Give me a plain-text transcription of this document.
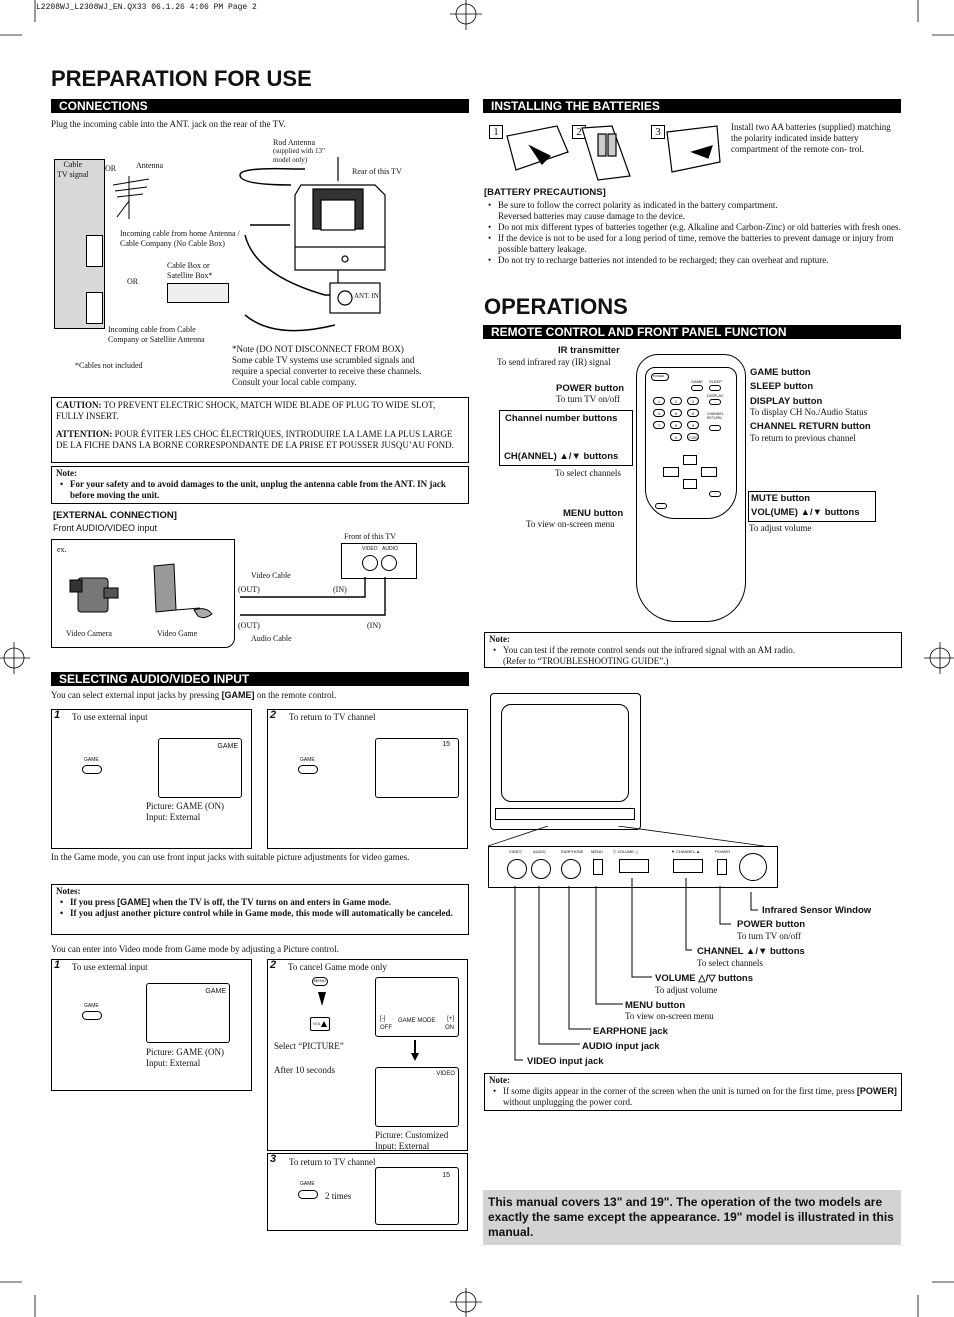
L2208WJ_L2308WJ_EN.QX33 06.1.26 4:06 PM Page 2
PREPARATION FOR USE
CONNECTIONS
Plug the incoming cable into the ANT. jack on the rear of the TV.
Cable
TV signal
OR Antenna
Rod Antenna
(supplied with 13"
model only)
Rear of this TV
ANT. IN
Incoming cable from home Antenna /
Cable Company (No Cable Box)
OR
Cable Box or
Satellite Box*
Incoming cable from Cable
Company or Satellite Antenna
*Cables not included
*Note (DO NOT DISCONNECT FROM BOX)
Some cable TV systems use scrambled signals and
require a special converter to receive these channels.
Consult your local cable company.
CAUTION: TO PREVENT ELECTRIC SHOCK, MATCH WIDE BLADE OF PLUG TO WIDE SLOT, FULLY INSERT.
ATTENTION: POUR ÉVITER LES CHOC ÉLECTRIQUES, INTRODUIRE LA LAME LA PLUS LARGE DE LA FICHE DANS LA BORNE CORRESPONDANTE DE LA PRISE ET POUSSER JUSQU’AU FOND.
Note:
• For your safety and to avoid damages to the unit, unplug the antenna cable from the ANT. IN jack before moving the unit.
[EXTERNAL CONNECTION]
Front AUDIO/VIDEO input
Front of this TV
VIDEO AUDIO
ex.
Video Camera	Video Game
Video Cable
(OUT)	(IN)
(OUT)	(IN)
Audio Cable
SELECTING AUDIO/VIDEO INPUT
You can select external input jacks by pressing [GAME] on the remote control.
1 To use external input
GAME
GAME
Picture: GAME (ON)
Input: External
2 To return to TV channel
GAME
15
In the Game mode, you can use front input jacks with suitable picture adjustments for video games.
Notes:
• If you press [GAME] when the TV is off, the TV turns on and enters in Game mode.
• If you adjust another picture control while in Game mode, this mode will automatically be canceled.
You can enter into Video mode from Game mode by adjusting a Picture control.
1 To use external input
GAME
GAME
Picture: GAME (ON)
Input: External
2 To cancel Game mode only
MENU
VOL
[-] GAME MODE [+]
OFF	ON
Select “PICTURE”
After 10 seconds	VIDEO
Picture: Customized
Input: External
3 To return to TV channel
GAME
2 times
15
INSTALLING THE BATTERIES
1	2	3	Install two AA batteries (supplied) matching the polarity indicated inside battery compartment of the remote con- trol.
[BATTERY PRECAUTIONS]
• Be sure to follow the correct polarity as indicated in the battery compartment.
Reversed batteries may cause damage to the device.
• Do not mix different types of batteries together (e.g. Alkaline and Carbon-Zinc) or old batteries with fresh ones.
• If the device is not to be used for a long period of time, remove the batteries to prevent damage or injury from possible battery leakage.
• Do not try to recharge batteries not intended to be recharged; they can overheat and rupture.
OPERATIONS
REMOTE CONTROL AND FRONT PANEL FUNCTION
IR transmitter
To send infrared ray (IR) signal
POWER button
To turn TV on/off
Channel number buttons
CH(ANNEL) ▲/▼ buttons
To select channels
MENU button
To view on-screen menu
GAME button
SLEEP button
DISPLAY button
To display CH No./Audio Status
CHANNEL RETURN button
To return to previous channel
MUTE button
VOL(UME) ▲/▼ buttons
To adjust volume
POWER
GAME SLEEP
DISPLAY
CHANNEL
RETURN
1	2	3
4	5	6
7	8	9
0	+100
Note:
• You can test if the remote control sends out the infrared signal with an AM radio.
(Refer to “TROUBLESHOOTING GUIDE”.)
VIDEO	AUDIO	EARPHONE MENU	▽ VOLUME △	▼ CHANNEL ▲	POWER
Infrared Sensor Window
POWER button
To turn TV on/off
CHANNEL ▲/▼ buttons
To select channels
VOLUME △/▽ buttons
To adjust volume
MENU button
To view on-screen menu
EARPHONE jack
AUDIO input jack
VIDEO input jack
Note:
• If some digits appear in the corner of the screen when the unit is turned on for the first time, press [POWER] without unplugging the power cord.
This manual covers 13" and 19". The operation of the two models are exactly the same except the appearance. 19" model is illustrated in this manual.
